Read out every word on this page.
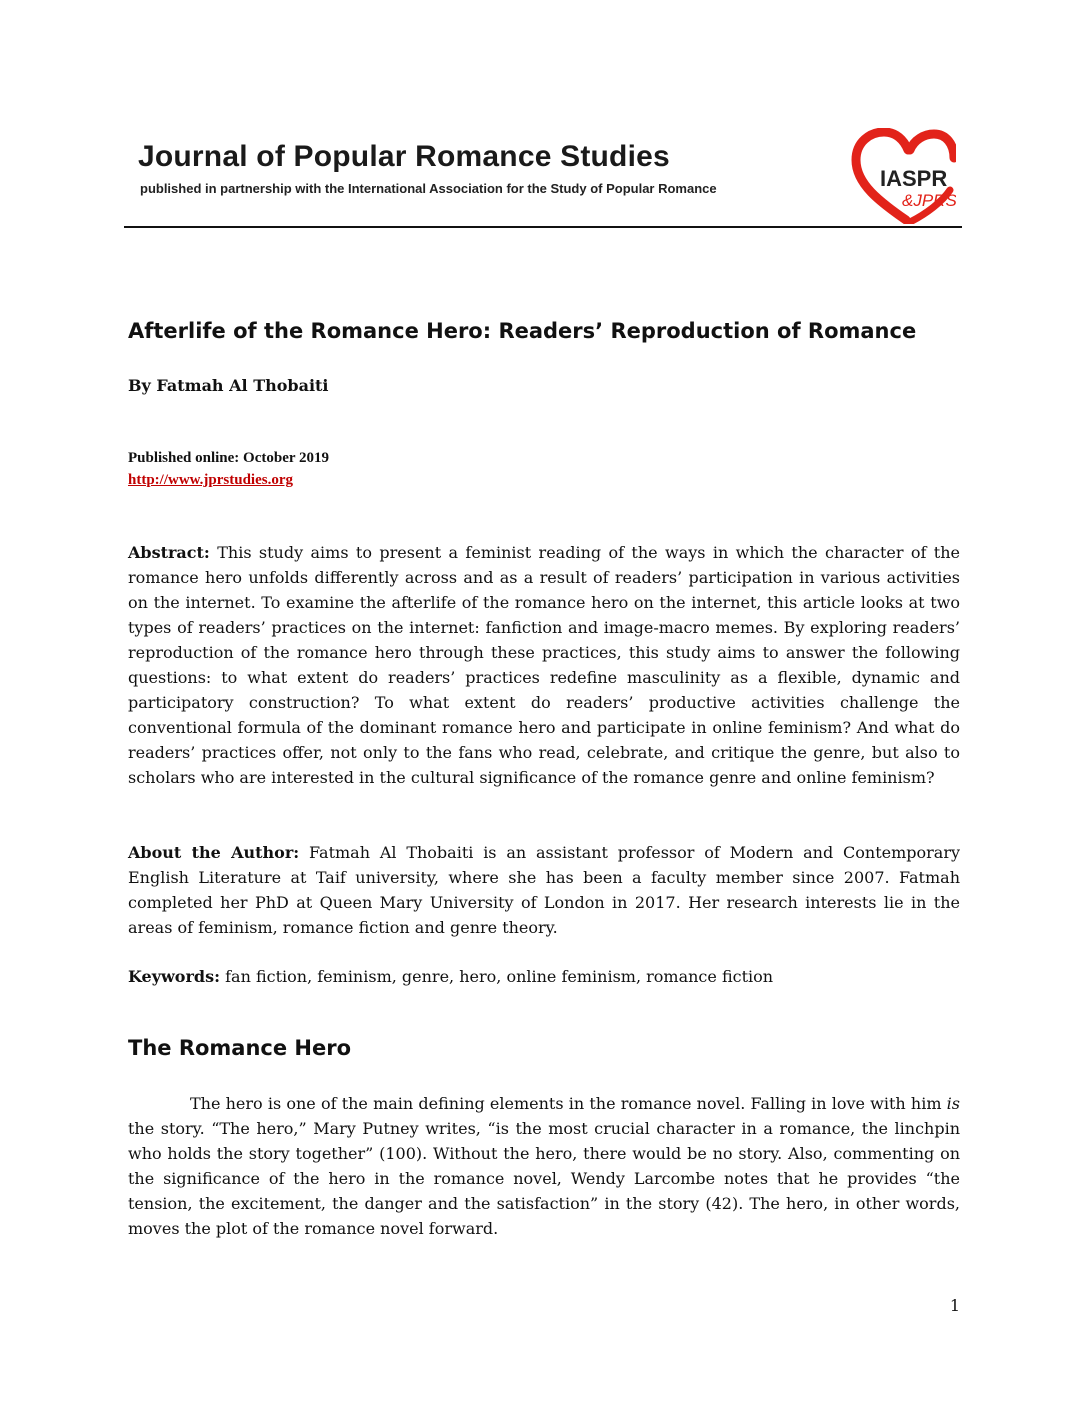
Journal of Popular Romance Studies

published in partnership with the International Association for the Study of Popular Romance	IASPR
&JPRS
Afterlife of the Romance Hero: Readers’ Reproduction of Romance

By Fatmah Al Thobaiti

Published online: October 2019

http://www.jprstudies.org

Abstract: This study aims to present a feminist reading of the ways in which the character of the romance hero unfolds differently across and as a result of readers’ participation in various activities on the internet. To examine the afterlife of the romance hero on the internet, this article looks at two types of readers’ practices on the internet: fanfiction and image-macro memes. By exploring readers’ reproduction of the romance hero through these practices, this study aims to answer the following questions: to what extent do readers’ practices redefine masculinity as a flexible, dynamic and participatory construction? To what extent do readers’ productive activities challenge the conventional formula of the dominant romance hero and participate in online feminism? And what do readers’ practices offer, not only to the fans who read, celebrate, and critique the genre, but also to scholars who are interested in the cultural significance of the romance genre and online feminism?

About the Author: Fatmah Al Thobaiti is an assistant professor of Modern and Contemporary English Literature at Taif university, where she has been a faculty member since 2007. Fatmah completed her PhD at Queen Mary University of London in 2017. Her research interests lie in the areas of feminism, romance fiction and genre theory.

Keywords: fan fiction, feminism, genre, hero, online feminism, romance fiction

The Romance Hero

The hero is one of the main defining elements in the romance novel. Falling in love with him is the story. “The hero,” Mary Putney writes, “is the most crucial character in a romance, the linchpin who holds the story together” (100). Without the hero, there would be no story. Also, commenting on the significance of the hero in the romance novel, Wendy Larcombe notes that he provides “the tension, the excitement, the danger and the satisfaction” in the story (42). The hero, in other words, moves the plot of the romance novel forward.

1
